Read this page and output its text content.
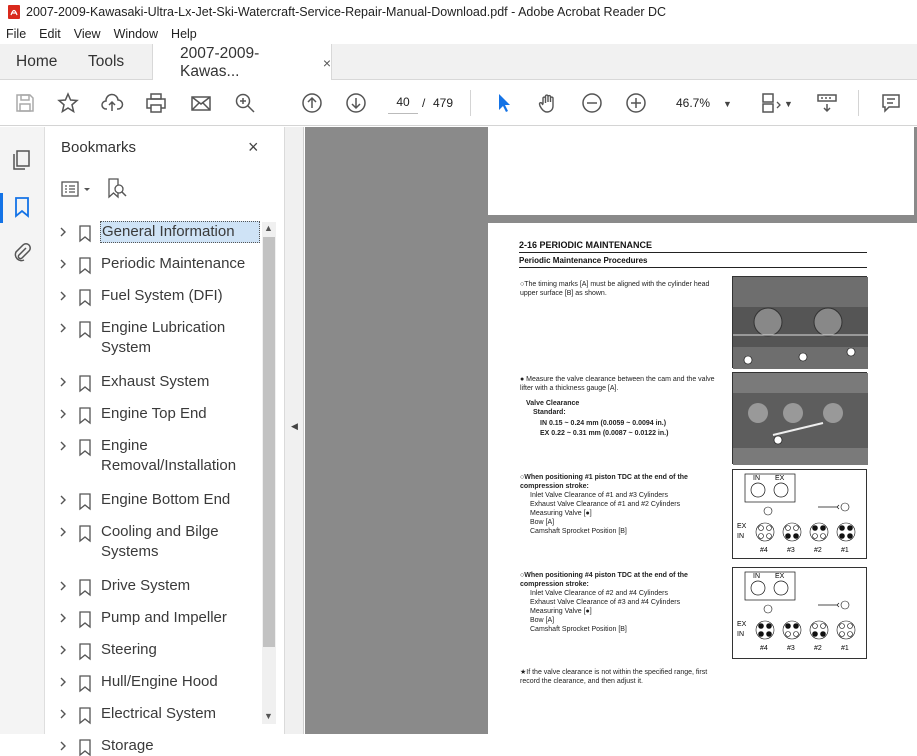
2007-2009-Kawasaki-Ultra-Lx-Jet-Ski-Watercraft-Service-Repair-Manual-Download.pdf - Adobe Acrobat Reader DC
File Edit View Window Help
Home Tools	2007-2009-Kawas...	×
40	/ 479	46.7% ▼	▼
Bookmarks	×
General Information
Periodic Maintenance
Fuel System (DFI)
Engine Lubrication System
Exhaust System
Engine Top End
Engine Removal/Installation
Engine Bottom End
Cooling and Bilge Systems
Drive System
Pump and Impeller
Steering
Hull/Engine Hood
Electrical System
Storage
▲
▼
◀
2-16 PERIODIC MAINTENANCE
Periodic Maintenance Procedures
○The timing marks [A] must be aligned with the cylinder head upper surface [B] as shown.
● Measure the valve clearance between the cam and the valve lifter with a thickness gauge [A].
Valve Clearance
Standard:
IN 0.15 ~ 0.24 mm (0.0059 ~ 0.0094 in.)
EX 0.22 ~ 0.31 mm (0.0087 ~ 0.0122 in.)
○When positioning #1 piston TDC at the end of the compression stroke:
Inlet Valve Clearance of #1 and #3 Cylinders
Exhaust Valve Clearance of #1 and #2 Cylinders
Measuring Valve [●]
Bow [A]
Camshaft Sprocket Position [B]
IN EX
EX
IN
#4	#3	#2	#1
○When positioning #4 piston TDC at the end of the compression stroke:
Inlet Valve Clearance of #2 and #4 Cylinders
Exhaust Valve Clearance of #3 and #4 Cylinders
Measuring Valve [●]
Bow [A]
Camshaft Sprocket Position [B]
IN EX
EX
IN
#4	#3	#2	#1
★If the valve clearance is not within the specified range, first record the clearance, and then adjust it.
